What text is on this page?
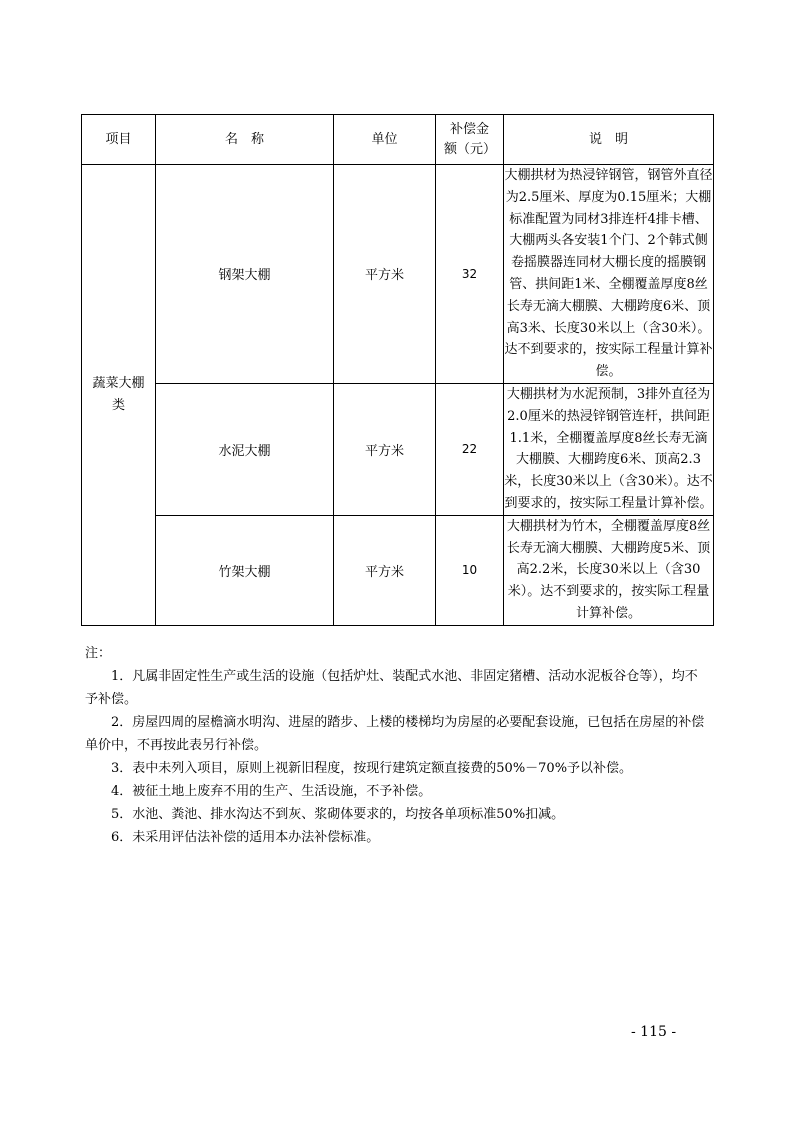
项目	名　称	单位	补偿金额（元）	说　明
蔬菜大棚类	钢架大棚	平方米	32	大棚拱材为热浸锌钢管，钢管外直径为2.5厘米、厚度为0.15厘米；大棚标准配置为同材3排连杆4排卡槽、大棚两头各安装1个门、2个韩式侧卷摇膜器连同材大棚长度的摇膜钢管、拱间距1米、全棚覆盖厚度8丝长寿无滴大棚膜、大棚跨度6米、顶高3米、长度30米以上（含30米）。达不到要求的，按实际工程量计算补偿。
	水泥大棚	平方米	22	大棚拱材为水泥预制，3排外直径为2.0厘米的热浸锌钢管连杆，拱间距1.1米，全棚覆盖厚度8丝长寿无滴大棚膜、大棚跨度6米、顶高2.3米，长度30米以上（含30米）。达不到要求的，按实际工程量计算补偿。
	竹架大棚	平方米	10	大棚拱材为竹木，全棚覆盖厚度8丝长寿无滴大棚膜、大棚跨度5米、顶高2.2米，长度30米以上（含30米）。达不到要求的，按实际工程量计算补偿。

注：

1．凡属非固定性生产或生活的设施（包括炉灶、装配式水池、非固定猪槽、活动水泥板谷仓等），均不予补偿。

2．房屋四周的屋檐滴水明沟、进屋的踏步、上楼的楼梯均为房屋的必要配套设施，已包括在房屋的补偿单价中，不再按此表另行补偿。

3．表中未列入项目，原则上视新旧程度，按现行建筑定额直接费的50%－70%予以补偿。

4．被征土地上废弃不用的生产、生活设施，不予补偿。

5．水池、粪池、排水沟达不到灰、浆砌体要求的，均按各单项标准50%扣减。

6．未采用评估法补偿的适用本办法补偿标准。

- 115 -
